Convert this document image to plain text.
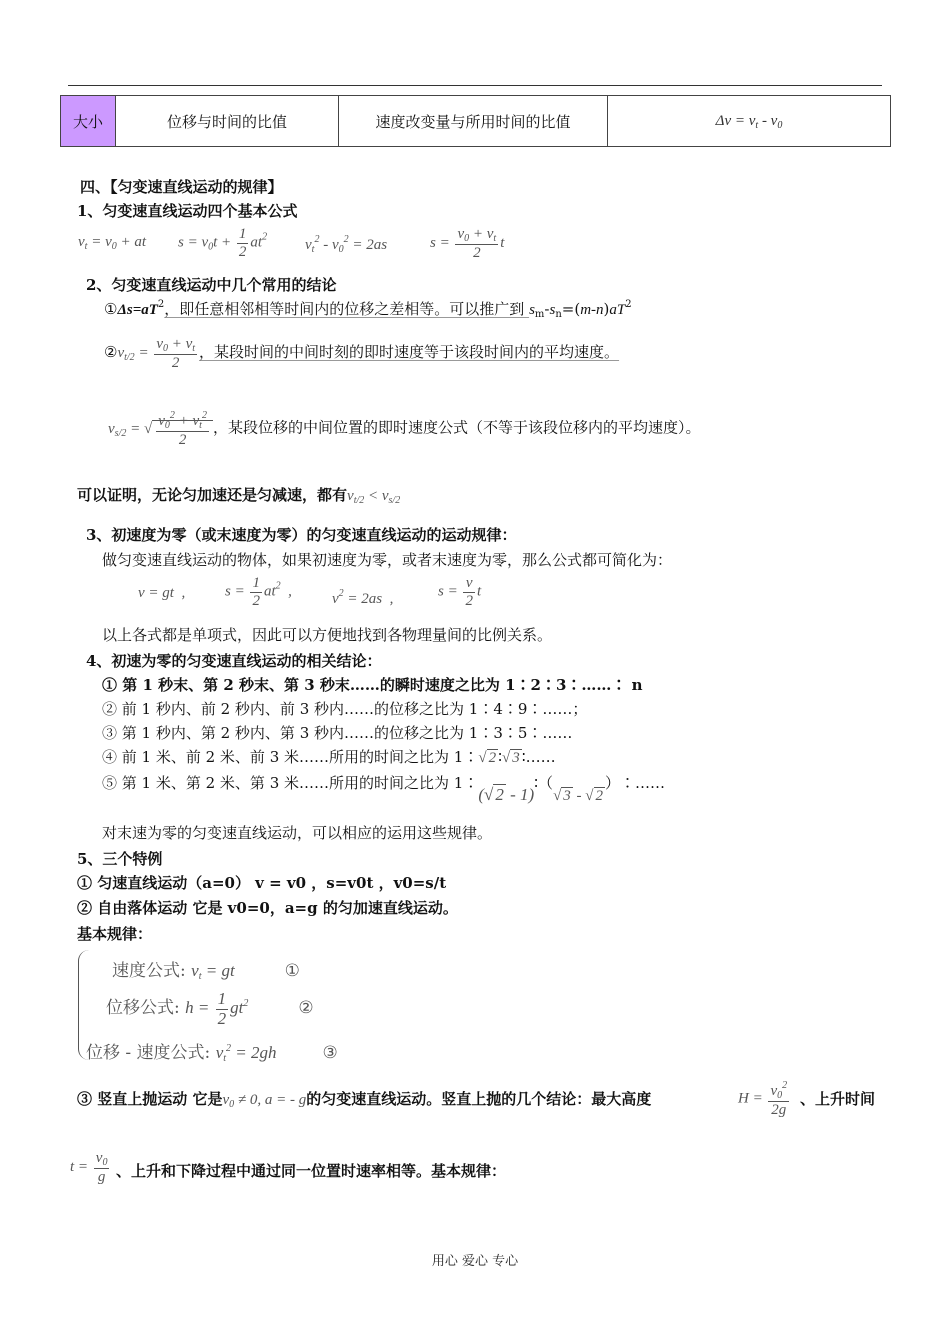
大小	位移与时间的比值	速度改变量与所用时间的比值	$\Delta v = v_t - v_0$
四、【匀变速直线运动的规律】
1、匀变速直线运动四个基本公式
$v_t = v_0$ + at $s = v_0t + \frac{1}{2} at^2$
$v_t^2 - v_0^2 = 2as$	$s = \frac{v_0 + v_t}{2}$ t
2、匀变速直线运动中几个常用的结论
$①\Delta s=aT^2$，即任意相邻相等时间内的位移之差相等。可以推广到 $s_m-s_n=(m-n)aT^2$
$②v_{t/2} = \frac{v_0 + v_t}{2}$ ，某段时间的中间时刻的即时速度等于该段时间内的平均速度。
$v_{s/2}$ = √ $\frac{v_0^2 + v_t^2}{2}$ ，某段位移的中间位置的即时速度公式（不等于该段位移内的平均速度）。
可以证明，无论匀加速还是匀减速，都有$v_{t/2} < v_{s/2}$
3、初速度为零（或末速度为零）的匀变速直线运动的运动规律：
做匀变速直线运动的物体，如果初速度为零，或者末速度为零，那么公式都可简化为：
v = gt  ,	$s = \frac{1}{2} at^2$  ,	$v^2 = 2as$  ,	$s = \frac{v}{2}$ t
以上各式都是单项式，因此可以方便地找到各物理量间的比例关系。
4、初速为零的匀变速直线运动的相关结论：
① 第 1 秒末、第 2 秒末、第 3 秒末……的瞬时速度之比为 1∶2∶3∶……∶ n
② 前 1 秒内、前 2 秒内、前 3 秒内……的位移之比为 1∶4∶9∶……；
③ 第 1 秒内、第 2 秒内、第 3 秒内……的位移之比为 1∶3∶5∶……
④ 前 1 米、前 2 米、前 3 米……所用的时间之比为 1∶√ 2 ∶√ 3 ∶……
⑤ 第 1 米、第 2 米、第 3 米……所用的时间之比为 1∶(√ 2 - 1)∶（√ 3 - √ 2）∶……
对末速为零的匀变速直线运动，可以相应的运用这些规律。
5、三个特例
① 匀速直线运动（a=0） v = v0 ，s=v0t ，v0=s/t
② 自由落体运动 它是 v0=0，a=g 的匀加速直线运动。
基本规律：
速度公式: $v_t$ = gt	①
位移公式: $h = \frac{1}{2} gt^2$	②
位移 - 速度公式: $v_t^2 = 2gh$	③
③ 竖直上抛运动 它是$v_0 \ne 0$, a = - g的匀变速直线运动。竖直上抛的几个结论：最大高度	$H = \frac{v_0^2}{2g}$ 、上升时间
$t = \frac{v_0}{g}$ 、上升和下降过程中通过同一位置时速率相等。基本规律：
用心 爱心 专心
